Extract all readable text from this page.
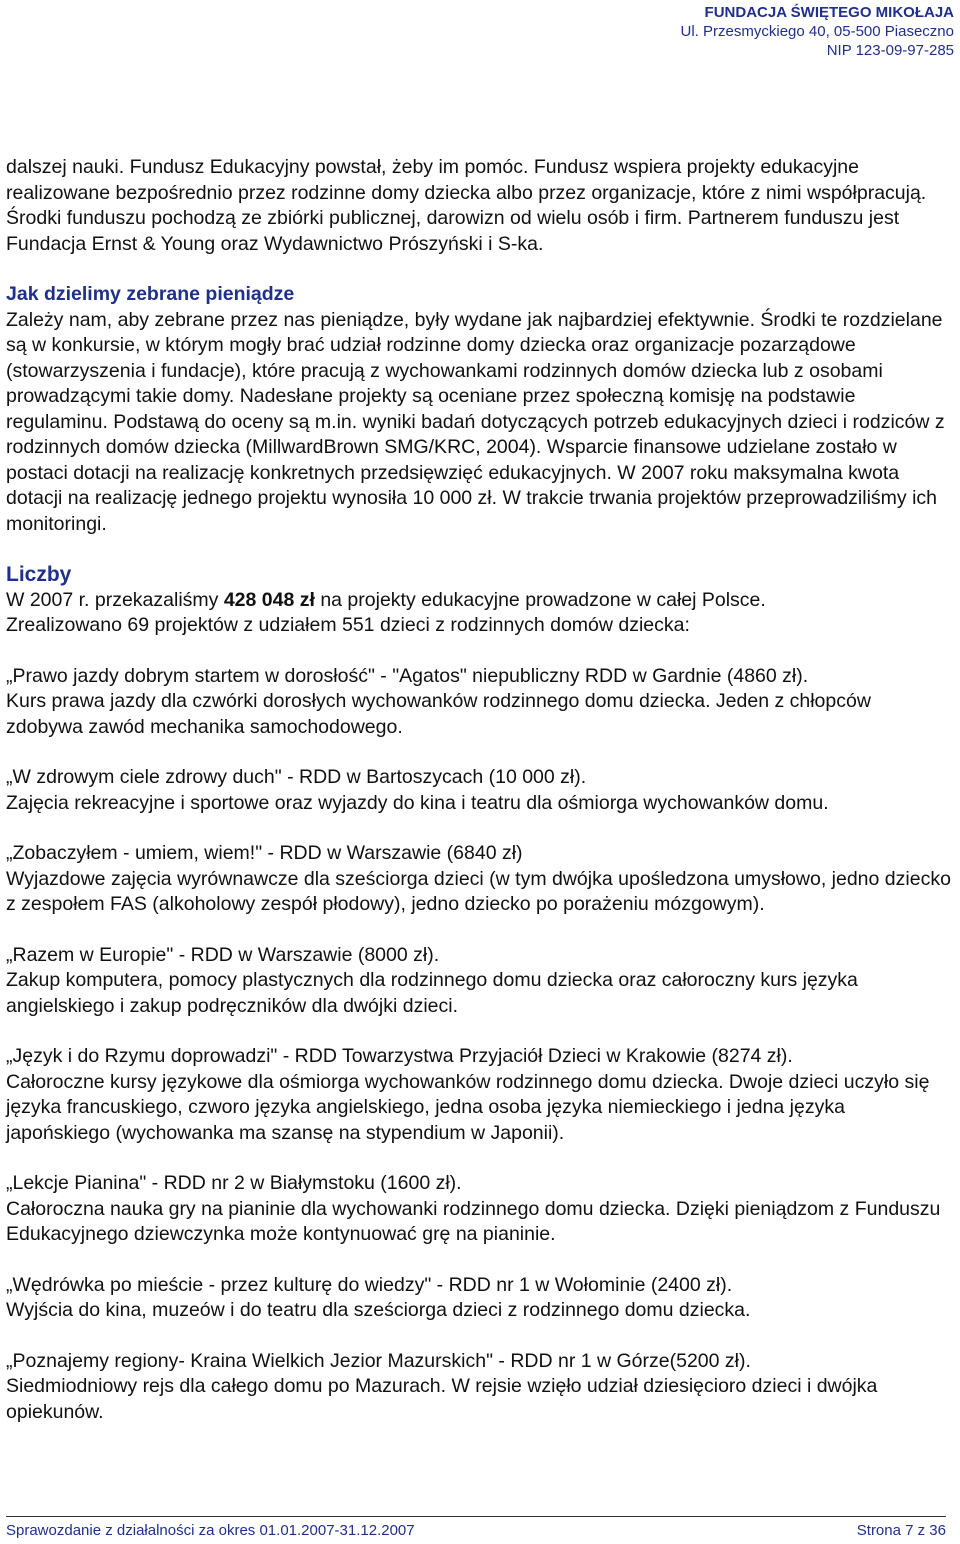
FUNDACJA ŚWIĘTEGO MIKOŁAJA
Ul. Przesmyckiego 40, 05-500 Piaseczno
NIP 123-09-97-285

dalszej nauki. Fundusz Edukacyjny powstał, żeby im pomóc. Fundusz wspiera projekty edukacyjne realizowane bezpośrednio przez rodzinne domy dziecka albo przez organizacje, które z nimi współpracują. Środki funduszu pochodzą ze zbiórki publicznej, darowizn od wielu osób i firm. Partnerem funduszu jest Fundacja Ernst & Young oraz Wydawnictwo Prószyński i S-ka.

Jak dzielimy zebrane pieniądze

Zależy nam, aby zebrane przez nas pieniądze, były wydane jak najbardziej efektywnie. Środki te rozdzielane są w konkursie, w którym mogły brać udział rodzinne domy dziecka oraz organizacje pozarządowe (stowarzyszenia i fundacje), które pracują z wychowankami rodzinnych domów dziecka lub z osobami prowadzącymi takie domy. Nadesłane projekty są oceniane przez społeczną komisję na podstawie regulaminu. Podstawą do oceny są m.in. wyniki badań dotyczących potrzeb edukacyjnych dzieci i rodziców z rodzinnych domów dziecka (MillwardBrown SMG/KRC, 2004). Wsparcie finansowe udzielane zostało w postaci dotacji na realizację konkretnych przedsięwzięć edukacyjnych. W 2007 roku maksymalna kwota dotacji na realizację jednego projektu wynosiła 10 000 zł. W trakcie trwania projektów przeprowadziliśmy ich monitoringi.

Liczby

W 2007 r. przekazaliśmy 428 048 zł na projekty edukacyjne prowadzone w całej Polsce.

Zrealizowano 69 projektów z udziałem 551 dzieci z rodzinnych domów dziecka:

„Prawo jazdy dobrym startem w dorosłość" - "Agatos" niepubliczny RDD w Gardnie (4860 zł).

Kurs prawa jazdy dla czwórki dorosłych wychowanków rodzinnego domu dziecka. Jeden z chłopców zdobywa zawód mechanika samochodowego.

„W zdrowym ciele zdrowy duch" - RDD w Bartoszycach (10 000 zł).

Zajęcia rekreacyjne i sportowe oraz wyjazdy do kina i teatru dla ośmiorga wychowanków domu.

„Zobaczyłem - umiem, wiem!" - RDD w Warszawie (6840 zł)

Wyjazdowe zajęcia wyrównawcze dla sześciorga dzieci (w tym dwójka upośledzona umysłowo, jedno dziecko z zespołem FAS (alkoholowy zespół płodowy), jedno dziecko po porażeniu mózgowym).

„Razem w Europie" - RDD w Warszawie (8000 zł).

Zakup komputera, pomocy plastycznych dla rodzinnego domu dziecka oraz całoroczny kurs języka angielskiego i zakup podręczników dla dwójki dzieci.

„Język i do Rzymu doprowadzi" - RDD Towarzystwa Przyjaciół Dzieci w Krakowie (8274 zł).

Całoroczne kursy językowe dla ośmiorga wychowanków rodzinnego domu dziecka. Dwoje dzieci uczyło się języka francuskiego, czworo języka angielskiego, jedna osoba języka niemieckiego i jedna języka japońskiego (wychowanka ma szansę na stypendium w Japonii).

„Lekcje Pianina" - RDD nr 2 w Białymstoku (1600 zł).

Całoroczna nauka gry na pianinie dla wychowanki rodzinnego domu dziecka. Dzięki pieniądzom z Funduszu Edukacyjnego dziewczynka może kontynuować grę na pianinie.

„Wędrówka po mieście - przez kulturę do wiedzy" - RDD nr 1 w Wołominie (2400 zł).

Wyjścia do kina, muzeów i do teatru dla sześciorga dzieci z rodzinnego domu dziecka.

„Poznajemy regiony- Kraina Wielkich Jezior Mazurskich" - RDD nr 1 w Górze(5200 zł).

Siedmiodniowy rejs dla całego domu po Mazurach. W rejsie wzięło udział dziesięcioro dzieci i dwójka opiekunów.

Sprawozdanie z działalności za okres 01.01.2007-31.12.2007	Strona 7 z 36
